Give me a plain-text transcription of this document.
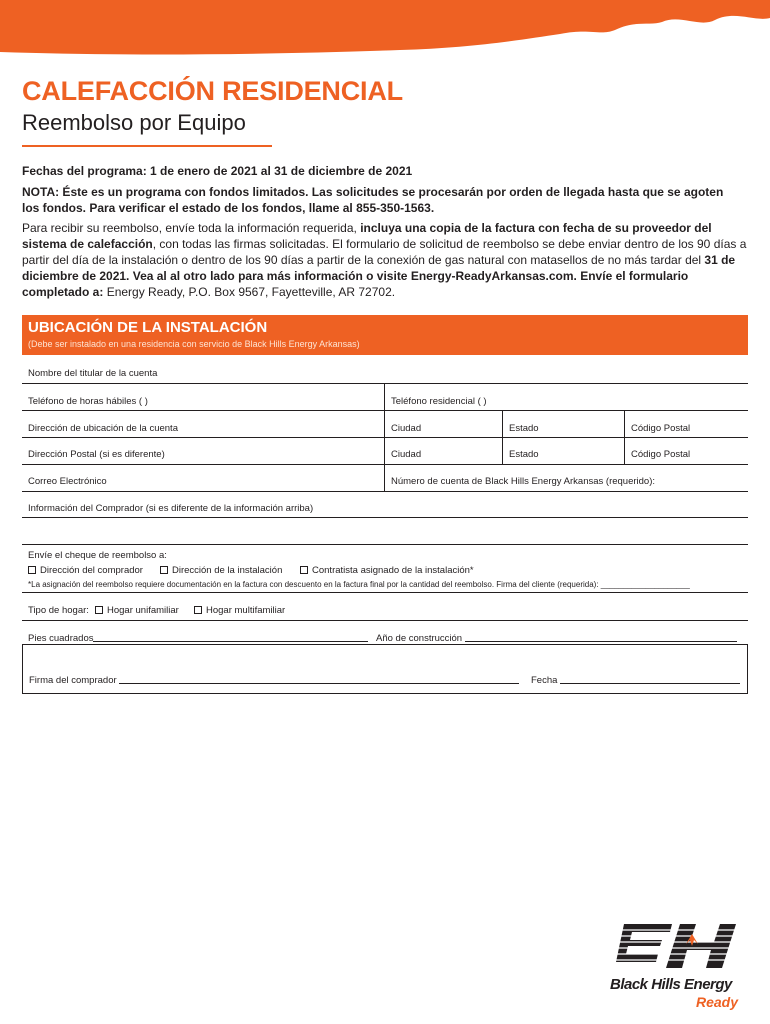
CALEFACCIÓN RESIDENCIAL
Reembolso por Equipo
Fechas del programa: 1 de enero de 2021 al 31 de diciembre de 2021
NOTA: Éste es un programa con fondos limitados. Las solicitudes se procesarán por orden de llegada hasta que se agoten los fondos. Para verificar el estado de los fondos, llame al 855-350-1563.
Para recibir su reembolso, envíe toda la información requerida, incluya una copia de la factura con fecha de su proveedor del sistema de calefacción, con todas las firmas solicitadas. El formulario de solicitud de reembolso se debe enviar dentro de los 90 días a partir del día de la instalación o dentro de los 90 días a partir de la conexión de gas natural con matasellos de no más tardar del 31 de diciembre de 2021. Vea al al otro lado para más información o visite Energy-ReadyArkansas.com. Envíe el formulario completado a: Energy Ready, P.O. Box 9567, Fayetteville, AR 72702.
UBICACIÓN DE LA INSTALACIÓN
(Debe ser instalado en una residencia con servicio de Black Hills Energy Arkansas)
Nombre del titular de la cuenta
Teléfono de horas hábiles ( )	Teléfono residencial ( )
Dirección de ubicación de la cuenta	Ciudad	Estado	Código Postal
Dirección Postal (si es diferente)	Ciudad	Estado	Código Postal
Correo Electrónico	Número de cuenta de Black Hills Energy Arkansas (requerido):
Información del Comprador (si es diferente de la información arriba)
Envíe el cheque de reembolso a:
Dirección del comprador	Dirección de la instalación	Contratista asignado de la instalación*
*La asignación del reembolso requiere documentación en la factura con descuento en la factura final por la cantidad del reembolso. Firma del cliente (requerida): ____________________
Tipo de hogar:	Hogar unifamiliar	Hogar multifamiliar
Pies cuadrados	Año de construcción
Firma del comprador	Fecha
Black Hills Energy
Ready
